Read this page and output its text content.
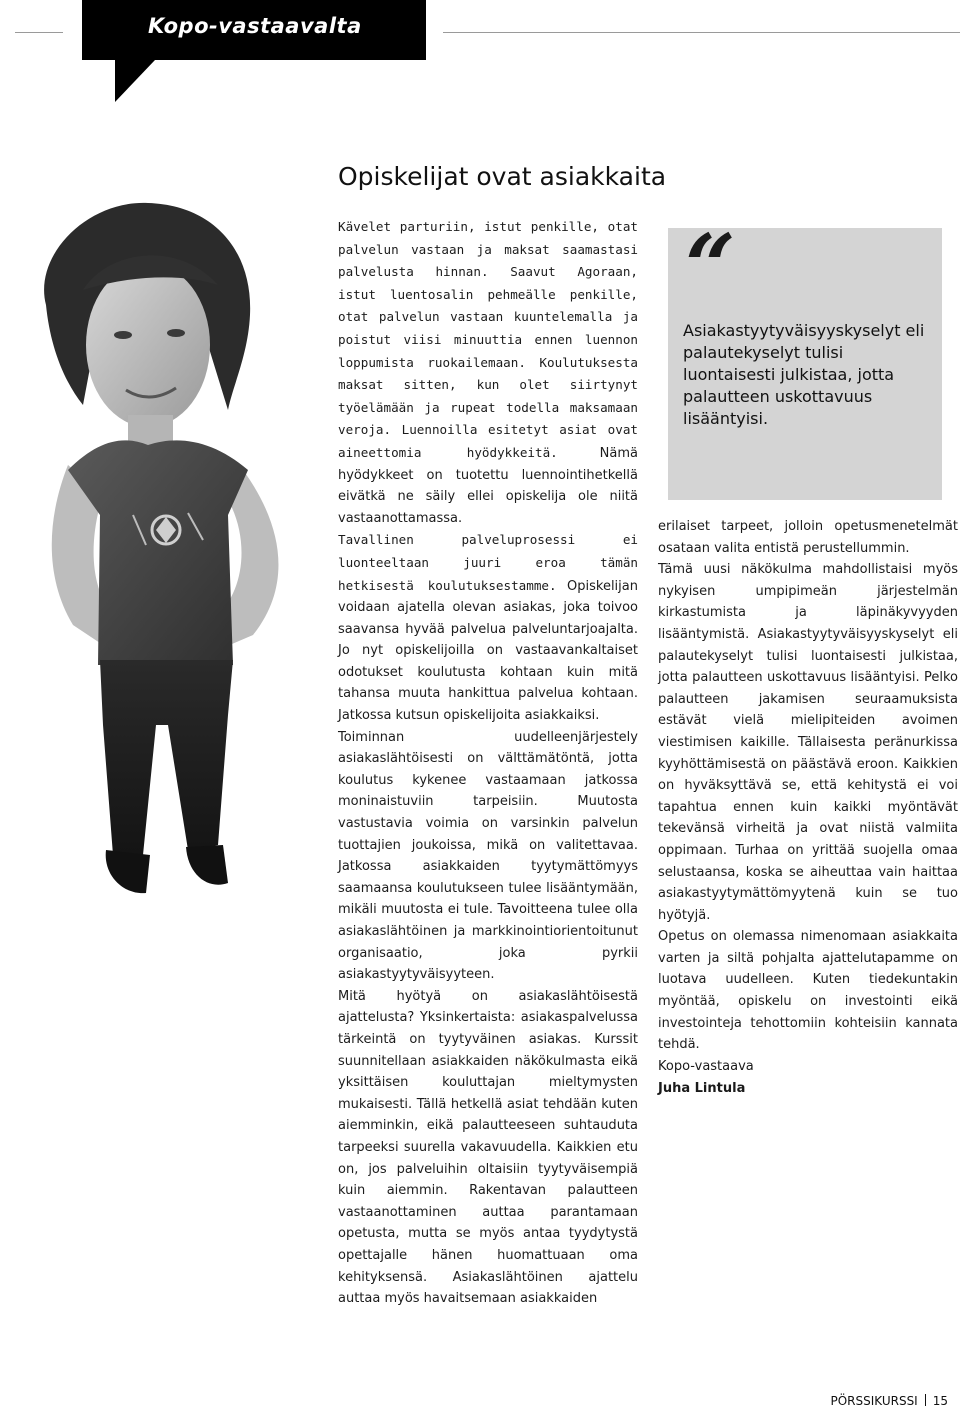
Kopo-vastaavalta
Opiskelijat ovat asiakkaita

Kävelet parturiin, istut penkille, otat palvelun vastaan ja maksat saamastasi palvelusta hinnan. Saavut Agoraan, istut luentosalin pehmeälle penkille, otat palvelun vastaan kuuntelemalla ja poistut viisi minuuttia ennen luennon loppumista ruokailemaan. Koulutuksesta maksat sitten, kun olet siirtynyt työelämään ja rupeat todella maksamaan veroja. Luennoilla esitetyt asiat ovat aineettomia hyödykkeitä. Nämä hyödykkeet on tuotettu luennointihetkellä eivätkä ne säily ellei opiskelija ole niitä vastaanottamassa.

Tavallinen palveluprosessi ei luonteeltaan juuri eroa tämän hetkisestä koulutuksestamme. Opiskelijan voidaan ajatella olevan asiakas, joka toivoo saavansa hyvää palvelua palveluntarjoajalta. Jo nyt opiskelijoilla on vastaavankaltaiset odotukset koulutusta kohtaan kuin mitä tahansa muuta hankittua palvelua kohtaan. Jatkossa kutsun opiskelijoita asiakkaiksi.

Toiminnan uudelleenjärjestely asiakaslähtöisesti on välttämätöntä, jotta koulutus kykenee vastaamaan jatkossa moninaistuviin tarpeisiin. Muutosta vastustavia voimia on varsinkin palvelun tuottajien joukoissa, mikä on valitettavaa. Jatkossa asiakkaiden tyytymättömyys saamaansa koulutukseen tulee lisääntymään, mikäli muutosta ei tule. Tavoitteena tulee olla asiakaslähtöinen ja markkinointiorientoitunut organisaatio, joka pyrkii asiakastyytyväisyyteen.

Mitä hyötyä on asiakaslähtöisestä ajattelusta? Yksinkertaista: asiakaspalvelussa tärkeintä on tyytyväinen asiakas. Kurssit suunnitellaan asiakkaiden näkökulmasta eikä yksittäisen kouluttajan mieltymysten mukaisesti. Tällä hetkellä asiat tehdään kuten aiemminkin, eikä palautteeseen suhtauduta tarpeeksi suurella vakavuudella. Kaikkien etu on, jos palveluihin oltaisiin tyytyväisempiä kuin aiemmin. Rakentavan palautteen vastaanottaminen auttaa parantamaan opetusta, mutta se myös antaa tyydytystä opettajalle hänen huomattuaan oma kehityksensä. Asiakaslähtöinen ajattelu auttaa myös havaitsemaan asiakkaiden

“
Asiakastyytyväisyyskyselyt eli palautekyselyt tulisi luontaisesti julkistaa, jotta palautteen uskottavuus lisääntyisi.

erilaiset tarpeet, jolloin opetusmenetelmät osataan valita entistä perustellummin.

Tämä uusi näkökulma mahdollistaisi myös nykyisen umpipimeän järjestelmän kirkastumista ja läpinäkyvyyden lisääntymistä. Asiakastyytyväisyyskyselyt eli palautekyselyt tulisi luontaisesti julkistaa, jotta palautteen uskottavuus lisääntyisi. Pelko palautteen jakamisen seuraamuksista estävät vielä mielipiteiden avoimen viestimisen kaikille. Tällaisesta peränurkissa kyyhöttämisestä on päästävä eroon. Kaikkien on hyväksyttävä se, että kehitystä ei voi tapahtua ennen kuin kaikki myöntävät tekevänsä virheitä ja ovat niistä valmiita oppimaan. Turhaa on yrittää suojella omaa selustaansa, koska se aiheuttaa vain haittaa asiakastyytymättömyytenä kuin se tuo hyötyjä.

Opetus on olemassa nimenomaan asiakkaita varten ja siltä pohjalta ajattelutapamme on luotava uudelleen. Kuten tiedekuntakin myöntää, opiskelu on investointi eikä investointeja tehottomiin kohteisiin kannata tehdä.

Kopo-vastaava
Juha Lintula
PÖRSSIKURSSI 15
